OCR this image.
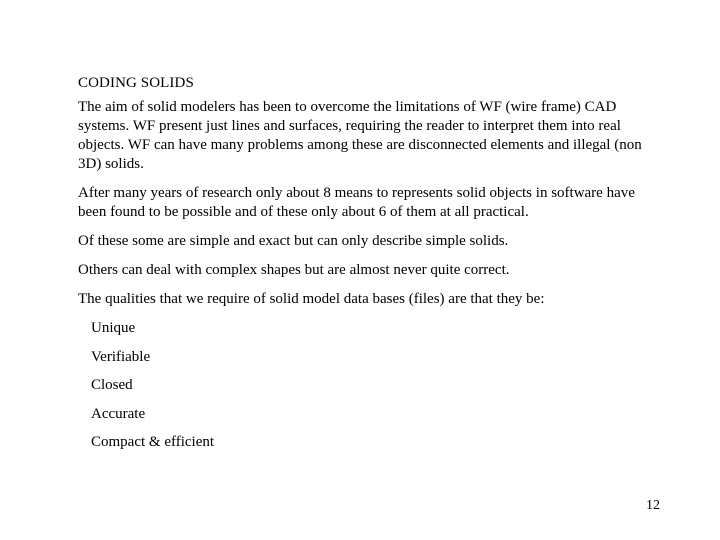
CODING SOLIDS

The aim of solid modelers has been to overcome the limitations of WF (wire frame) CAD systems. WF present just lines and surfaces, requiring the reader to interpret them into real objects. WF can have many problems among these are disconnected elements and illegal (non 3D) solids.

After many years of research only about 8 means to represents solid objects in software have been found to be possible and of these only about 6 of them at all practical.

Of these some are simple and exact but can only describe simple solids.

Others can deal with complex shapes but are almost never quite correct.

The qualities that we require of solid model data bases (files) are that they be:

Unique
Verifiable
Closed
Accurate
Compact & efficient
12
